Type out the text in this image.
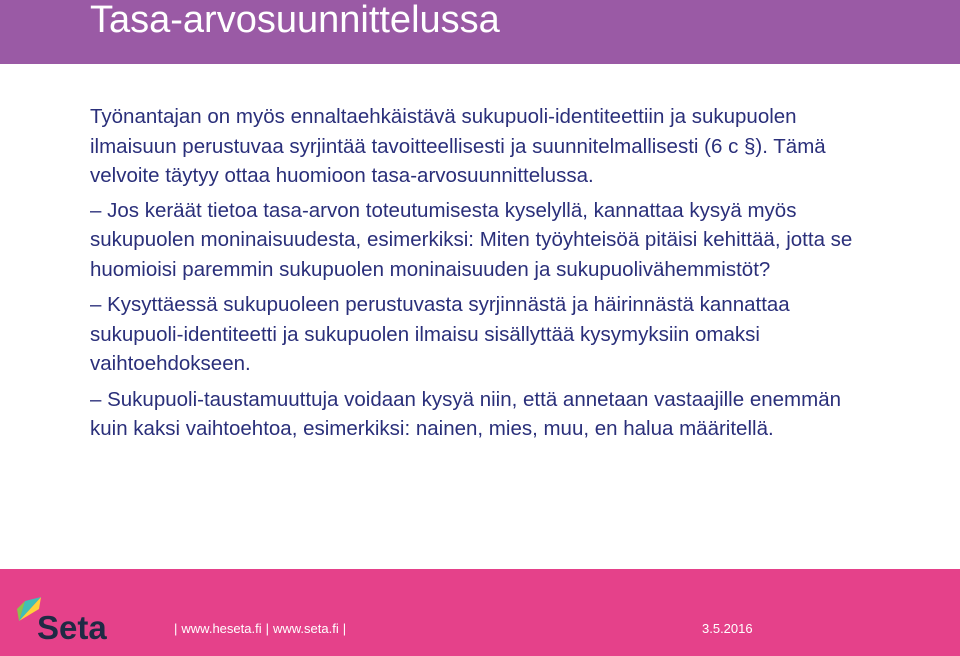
Tasa-arvosuunnittelussa

Työnantajan on myös ennaltaehkäistävä sukupuoli-identiteettiin ja sukupuolen ilmaisuun perustuvaa syrjintää tavoitteellisesti ja suunnitelmallisesti (6 c §). Tämä velvoite täytyy ottaa huomioon tasa-arvosuunnittelussa.

– Jos keräät tietoa tasa-arvon toteutumisesta kyselyllä, kannattaa kysyä myös sukupuolen moninaisuudesta, esimerkiksi: Miten työyhteisöä pitäisi kehittää, jotta se huomioisi paremmin sukupuolen moninaisuuden ja sukupuolivähemmistöt?

– Kysyttäessä sukupuoleen perustuvasta syrjinnästä ja häirinnästä kannattaa sukupuoli-identiteetti ja sukupuolen ilmaisu sisällyttää kysymyksiin omaksi vaihtoehdokseen.

– Sukupuoli-taustamuuttuja voidaan kysyä niin, että annetaan vastaajille enemmän kuin kaksi vaihtoehtoa, esimerkiksi: nainen, mies, muu, en halua määritellä.

Seta	| www.heseta.fi | www.seta.fi |	3.5.2016
